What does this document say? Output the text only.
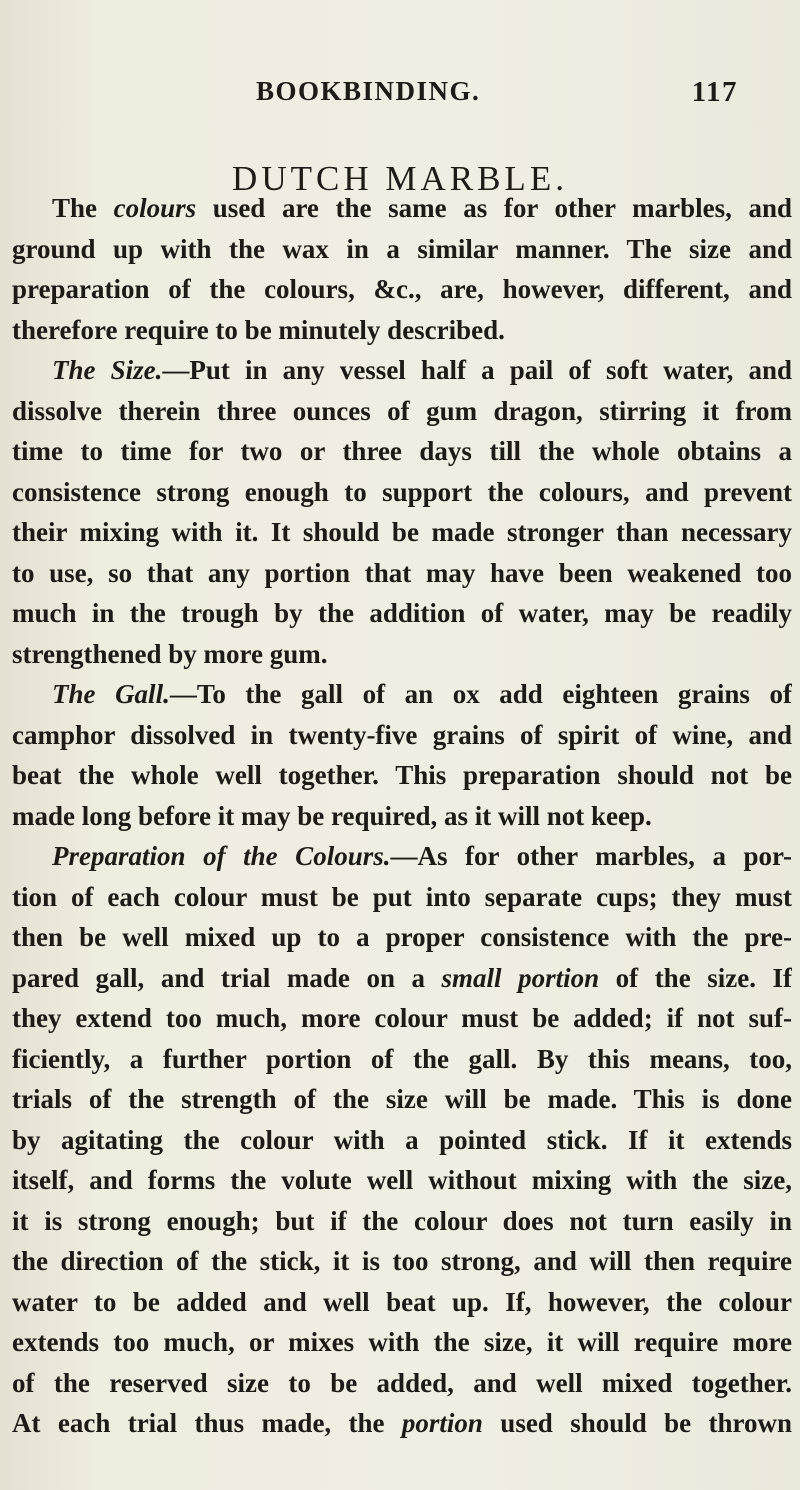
BOOKBINDING.	117
DUTCH MARBLE.
The colours used are the same as for other marbles, and
ground up with the wax in a similar manner. The size and
preparation of the colours, &c., are, however, different, and
therefore require to be minutely described.
The Size.—Put in any vessel half a pail of soft water, and
dissolve therein three ounces of gum dragon, stirring it from
time to time for two or three days till the whole obtains a
consistence strong enough to support the colours, and prevent
their mixing with it. It should be made stronger than necessary
to use, so that any portion that may have been weakened too
much in the trough by the addition of water, may be readily
strengthened by more gum.
The Gall.—To the gall of an ox add eighteen grains of
camphor dissolved in twenty-five grains of spirit of wine, and
beat the whole well together. This preparation should not be
made long before it may be required, as it will not keep.
Preparation of the Colours.—As for other marbles, a por-
tion of each colour must be put into separate cups; they must
then be well mixed up to a proper consistence with the pre-
pared gall, and trial made on a small portion of the size. If
they extend too much, more colour must be added; if not suf-
ficiently, a further portion of the gall. By this means, too,
trials of the strength of the size will be made. This is done
by agitating the colour with a pointed stick. If it extends
itself, and forms the volute well without mixing with the size,
it is strong enough; but if the colour does not turn easily in
the direction of the stick, it is too strong, and will then require
water to be added and well beat up. If, however, the colour
extends too much, or mixes with the size, it will require more
of the reserved size to be added, and well mixed together.
At each trial thus made, the portion used should be thrown
